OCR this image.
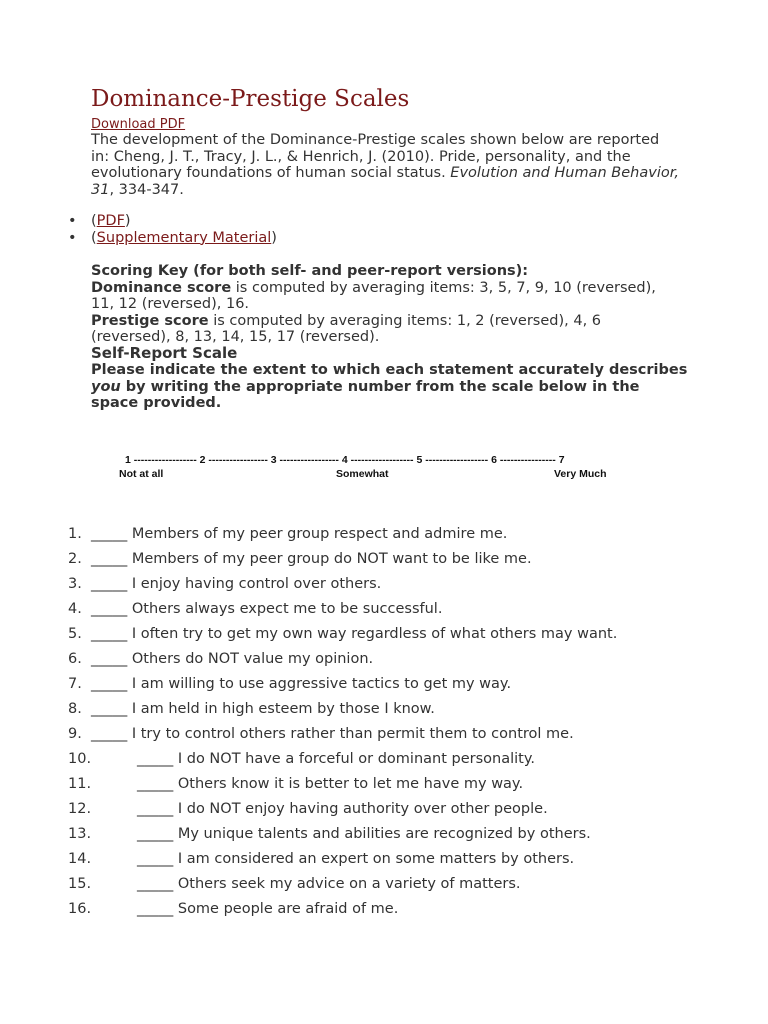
Dominance-Prestige Scales
Download PDF

The development of the Dominance-Prestige scales shown below are reported in: Cheng, J. T., Tracy, J. L., & Henrich, J. (2010). Pride, personality, and the evolutionary foundations of human social status. Evolution and Human Behavior, 31, 334-347.

• (PDF)
• (Supplementary Material)
Scoring Key (for both self- and peer-report versions):
Dominance score is computed by averaging items: 3, 5, 7, 9, 10 (reversed), 11, 12 (reversed), 16.
Prestige score is computed by averaging items: 1, 2 (reversed), 4, 6 (reversed), 8, 13, 14, 15, 17 (reversed).
Self-Report Scale

Please indicate the extent to which each statement accurately describes you by writing the appropriate number from the scale below in the space provided.

1 ------------------ 2 ----------------- 3 ----------------- 4 ------------------ 5 ------------------ 6 ---------------- 7
Not at all	Somewhat	Very Much
1. _____ Members of my peer group respect and admire me.
2. _____ Members of my peer group do NOT want to be like me.
3. _____ I enjoy having control over others.
4. _____ Others always expect me to be successful.
5. _____ I often try to get my own way regardless of what others may want.
6. _____ Others do NOT value my opinion.
7. _____ I am willing to use aggressive tactics to get my way.
8. _____ I am held in high esteem by those I know.
9. _____ I try to control others rather than permit them to control me.
10.	_____ I do NOT have a forceful or dominant personality.
11.	_____ Others know it is better to let me have my way.
12.	_____ I do NOT enjoy having authority over other people.
13.	_____ My unique talents and abilities are recognized by others.
14.	_____ I am considered an expert on some matters by others.
15.	_____ Others seek my advice on a variety of matters.
16.	_____ Some people are afraid of me.
